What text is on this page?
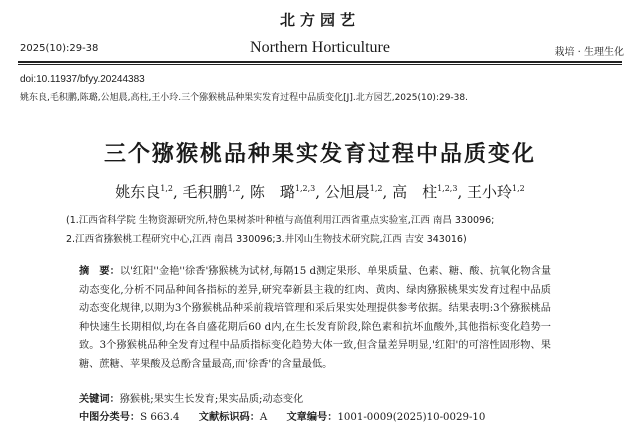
北方园艺
2025(10):29-38	Northern Horticulture	栽培 · 生理生化
doi:10.11937/bfyy.20244383
姚东良,毛积鹏,陈璐,公旭晨,高柱,王小玲.三个猕猴桃品种果实发育过程中品质变化[J].北方园艺,2025(10):29-38.
三个猕猴桃品种果实发育过程中品质变化
姚东良$^{1,2}$, 毛积鹏$^{1,2}$, 陈　璐$^{1,2,3}$, 公旭晨$^{1,2}$, 高　柱$^{1,2,3}$, 王小玲$^{1,2}$
(1.江西省科学院 生物资源研究所,特色果树茶叶种植与高值利用江西省重点实验室,江西 南昌 330096;
2.江西省猕猴桃工程研究中心,江西 南昌 330096;3.井冈山生物技术研究院,江西 吉安 343016)
摘　要：以'红阳''金艳''徐香'猕猴桃为试材,每隔15 d测定果形、单果质量、色素、糖、酸、抗氧化物含量动态变化,分析不同品种间各指标的差异,研究奉新县主栽的红肉、黄肉、绿肉猕猴桃果实发育过程中品质动态变化规律,以期为3个猕猴桃品种采前栽培管理和采后果实处理提供参考依据。结果表明:3个猕猴桃品种快速生长期相似,均在各自盛花期后60 d内,在生长发育阶段,除色素和抗坏血酸外,其他指标变化趋势一致。3个猕猴桃品种全发育过程中品质指标变化趋势大体一致,但含量差异明显,'红阳'的可溶性固形物、果糖、蔗糖、苹果酸及总酚含量最高,而'徐香'的含量最低。
关键词：猕猴桃;果实生长发育;果实品质;动态变化
中图分类号：S 663.4 文献标识码：A 文章编号：1001-0009(2025)10-0029-10
